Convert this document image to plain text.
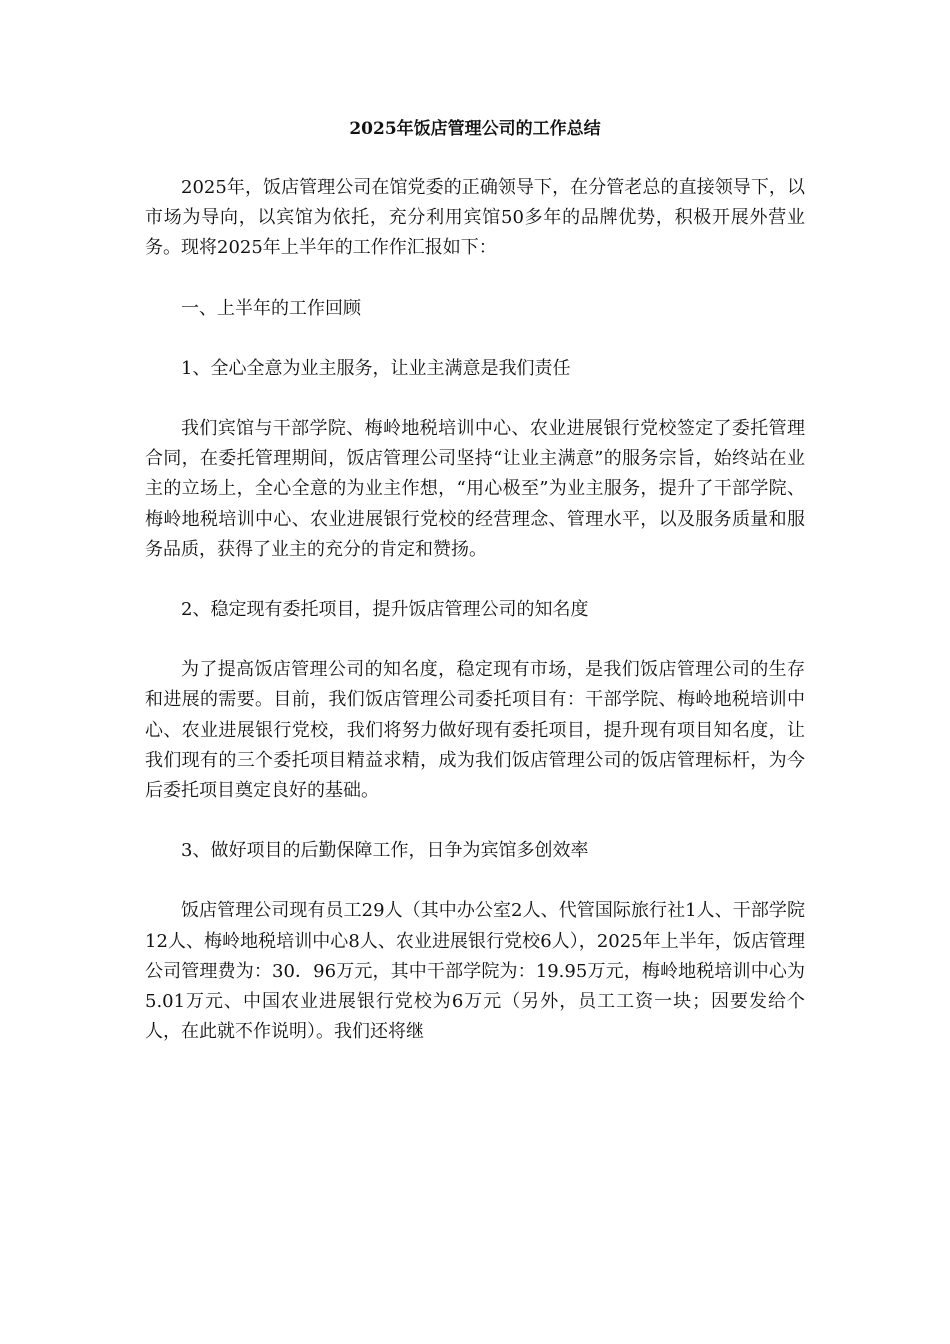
2025年饭店管理公司的工作总结

2025年，饭店管理公司在馆党委的正确领导下，在分管老总的直接领导下，以市场为导向，以宾馆为依托，充分利用宾馆50多年的品牌优势，积极开展外营业务。现将2025年上半年的工作作汇报如下：

一、上半年的工作回顾

1、全心全意为业主服务，让业主满意是我们责任

我们宾馆与干部学院、梅岭地税培训中心、农业进展银行党校签定了委托管理合同，在委托管理期间，饭店管理公司坚持“让业主满意”的服务宗旨，始终站在业主的立场上，全心全意的为业主作想，“用心极至”为业主服务，提升了干部学院、梅岭地税培训中心、农业进展银行党校的经营理念、管理水平，以及服务质量和服务品质，获得了业主的充分的肯定和赞扬。

2、稳定现有委托项目，提升饭店管理公司的知名度

为了提高饭店管理公司的知名度，稳定现有市场，是我们饭店管理公司的生存和进展的需要。目前，我们饭店管理公司委托项目有：干部学院、梅岭地税培训中心、农业进展银行党校，我们将努力做好现有委托项目，提升现有项目知名度，让我们现有的三个委托项目精益求精，成为我们饭店管理公司的饭店管理标杆，为今后委托项目奠定良好的基础。

3、做好项目的后勤保障工作，日争为宾馆多创效率

饭店管理公司现有员工29人（其中办公室2人、代管国际旅行社1人、干部学院12人、梅岭地税培训中心8人、农业进展银行党校6人），2025年上半年，饭店管理公司管理费为：30．96万元，其中干部学院为：19.95万元，梅岭地税培训中心为5.01万元、中国农业进展银行党校为6万元（另外，员工工资一块；因要发给个人，在此就不作说明）。我们还将继
